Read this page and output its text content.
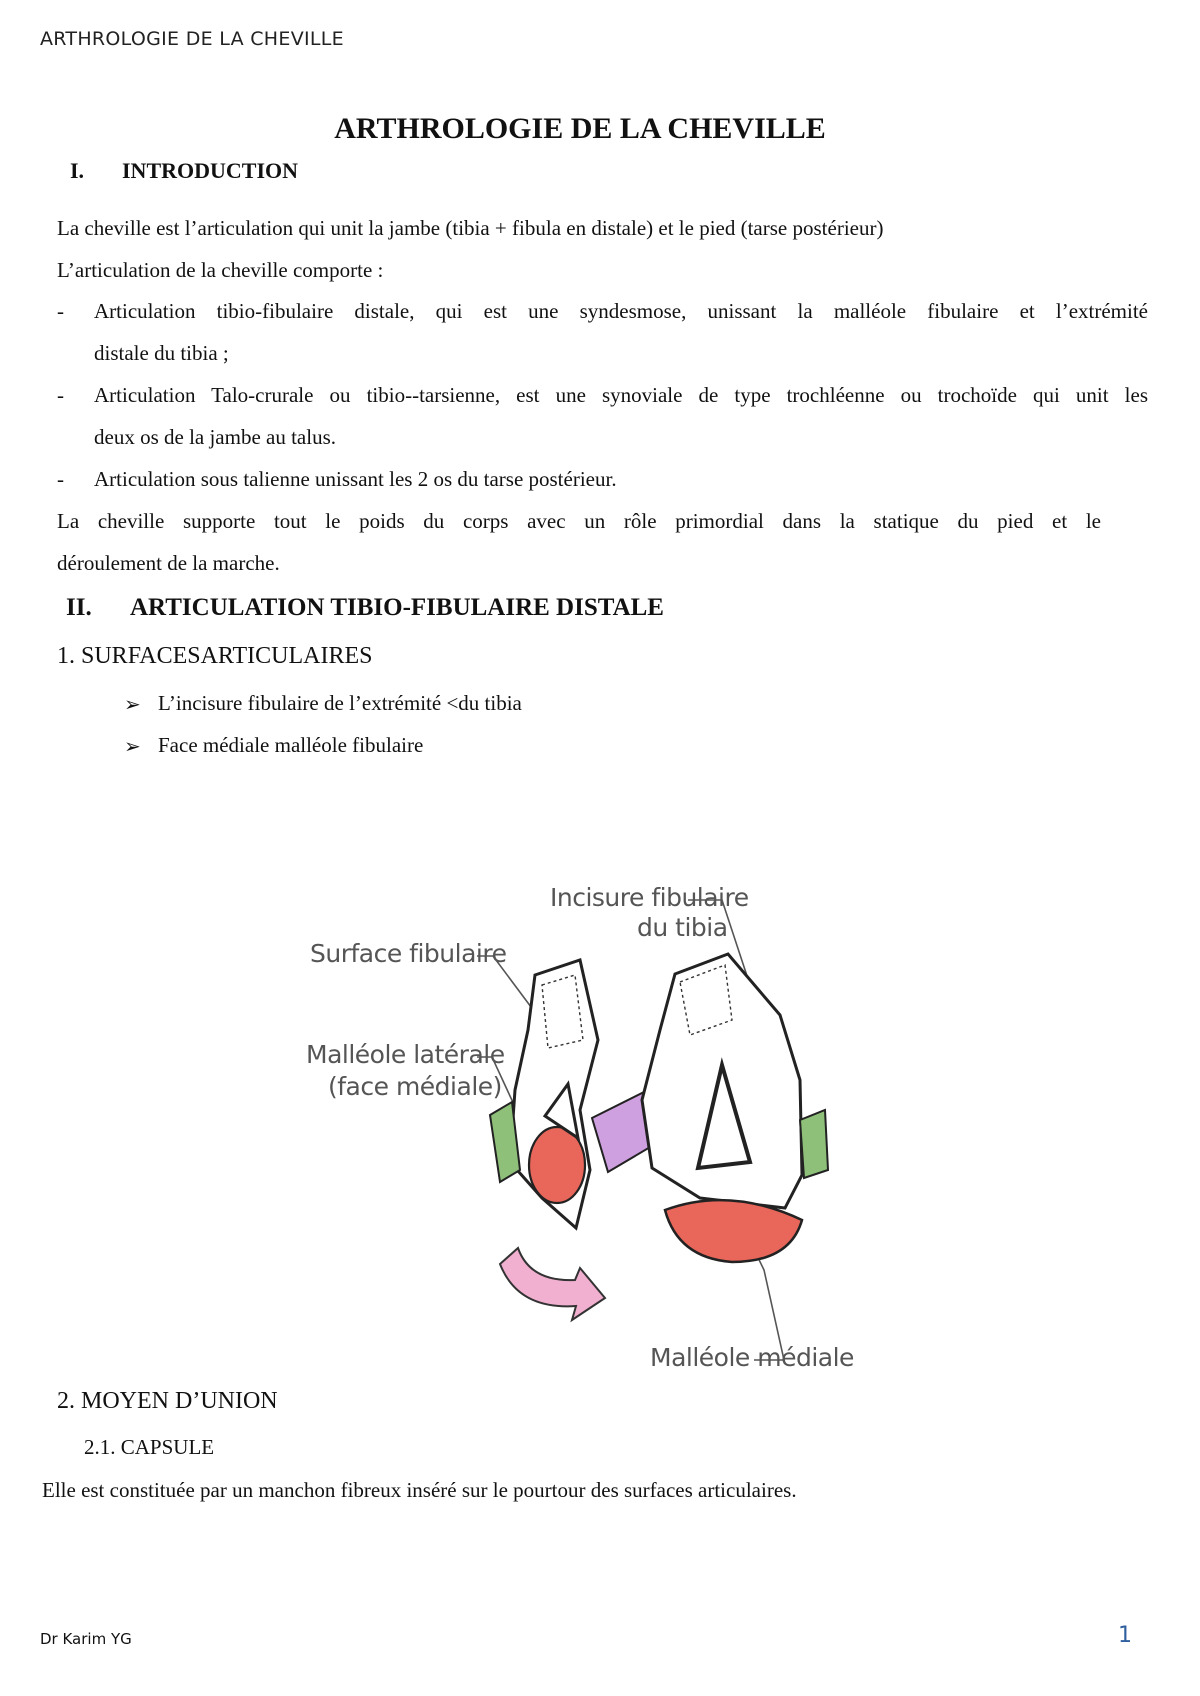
ARTHROLOGIE DE LA CHEVILLE
ARTHROLOGIE DE LA CHEVILLE
I. INTRODUCTION
La cheville est l’articulation qui unit la jambe (tibia + fibula en distale) et le pied (tarse postérieur)
L’articulation de la cheville comporte :
- Articulation tibio-fibulaire distale, qui est une syndesmose, unissant la malléole fibulaire et l’extrémité
distale du tibia ;
- Articulation Talo-crurale ou tibio--tarsienne, est une synoviale de type trochléenne ou trochoïde qui unit les
deux os de la jambe au talus.
- Articulation sous talienne unissant les 2 os du tarse postérieur.
La cheville supporte tout le poids du corps avec un rôle primordial dans la statique du pied et le
déroulement de la marche.
II. ARTICULATION TIBIO-FIBULAIRE DISTALE
1. SURFACESARTICULAIRES
➢ L’incisure fibulaire de l’extrémité <du tibia
➢ Face médiale malléole fibulaire
Incisure fibulaire
du tibia
Surface fibulaire
Malléole latérale
(face médiale)
Malléole médiale
2. MOYEN D’UNION
2.1. CAPSULE
Elle est constituée par un manchon fibreux inséré sur le pourtour des surfaces articulaires.
Dr Karim YG	1
